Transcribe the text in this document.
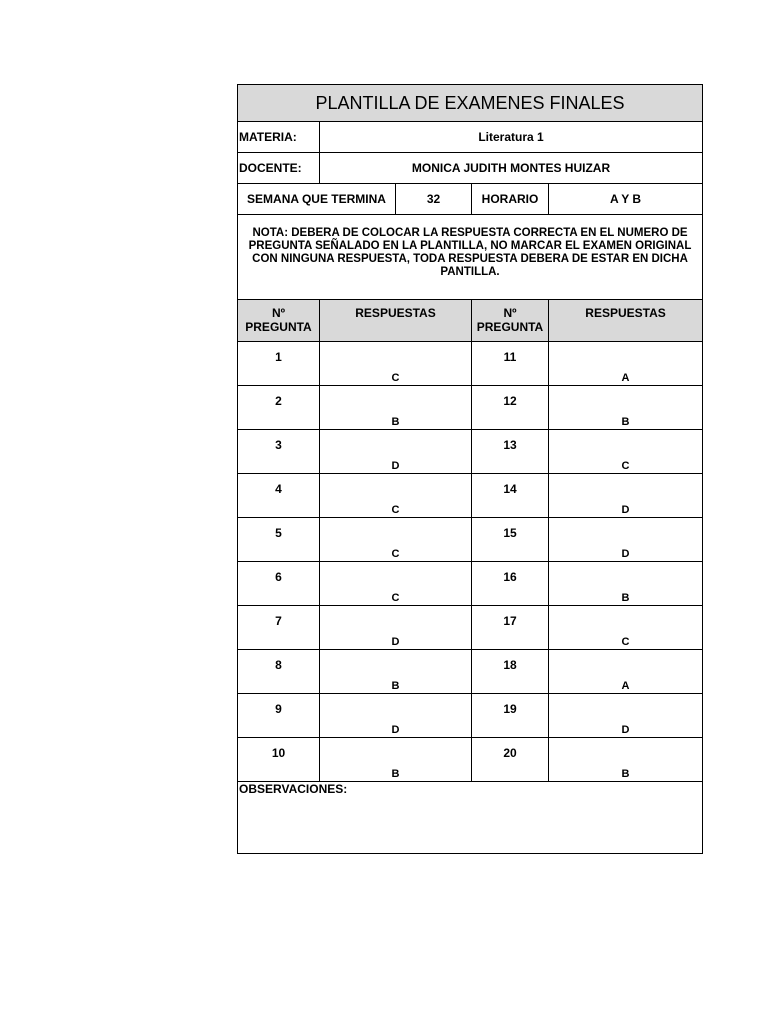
PLANTILLA DE EXAMENES FINALES				
MATERIA:	Literatura 1			
DOCENTE:	MONICA JUDITH MONTES HUIZAR			
SEMANA QUE TERMINA		32	HORARIO	A Y B
NOTA: DEBERA DE COLOCAR LA RESPUESTA CORRECTA EN EL NUMERO DE PREGUNTA SEÑALADO EN LA PLANTILLA, NO MARCAR EL EXAMEN ORIGINAL CON NINGUNA RESPUESTA, TODA RESPUESTA DEBERA DE ESTAR EN DICHA PANTILLA.				
Nº PREGUNTA	RESPUESTAS		Nº PREGUNTA	RESPUESTAS
1	C		11	A
2	B		12	B
3	D		13	C
4	C		14	D
5	C		15	D
6	C		16	B
7	D		17	C
8	B		18	A
9	D		19	D
10	B		20	B
OBSERVACIONES:				
